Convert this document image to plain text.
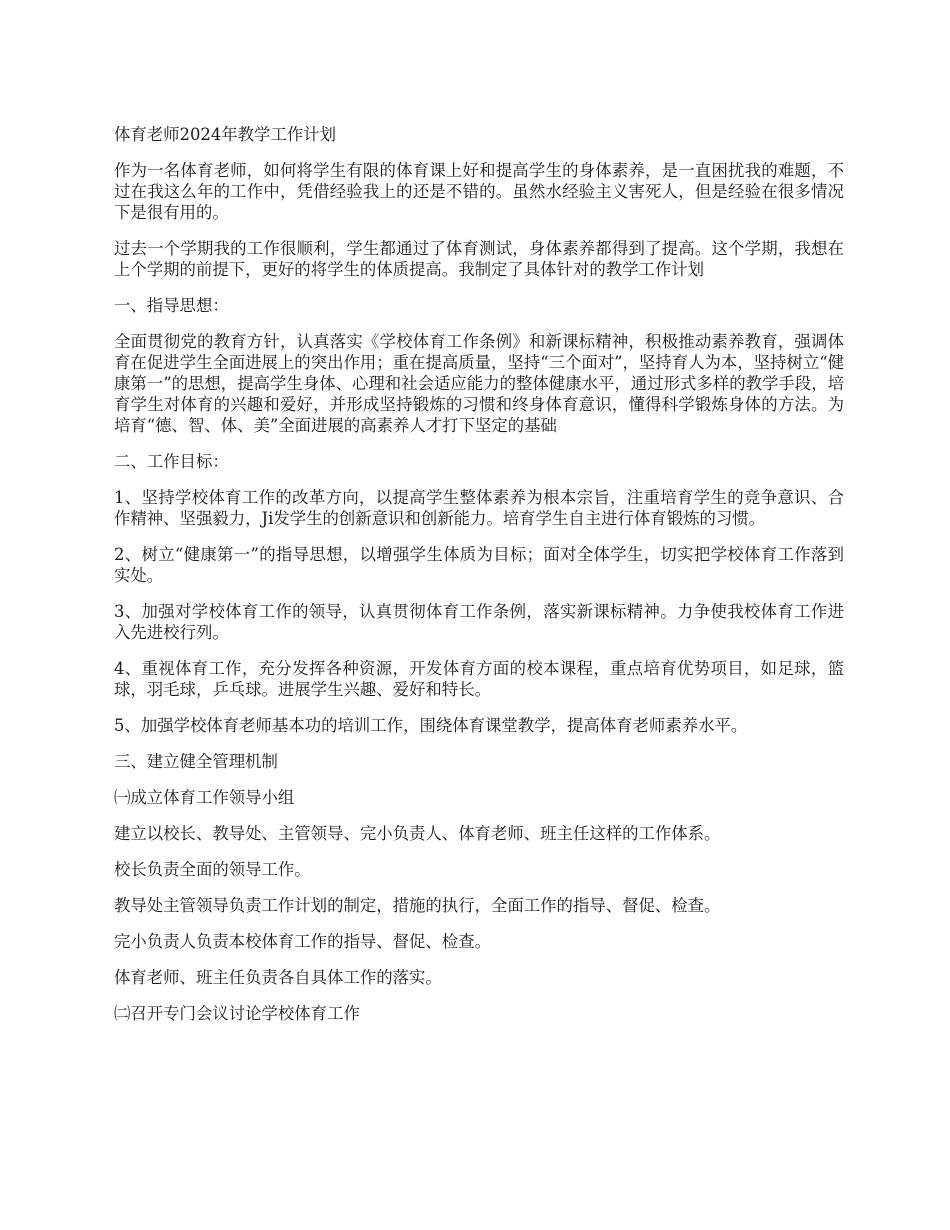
体育老师2024年教学工作计划

作为一名体育老师，如何将学生有限的体育课上好和提高学生的身体素养，是一直困扰我的难题，不过在我这么年的工作中，凭借经验我上的还是不错的。虽然水经验主义害死人，但是经验在很多情况下是很有用的。

过去一个学期我的工作很顺利，学生都通过了体育测试，身体素养都得到了提高。这个学期，我想在上个学期的前提下，更好的将学生的体质提高。我制定了具体针对的教学工作计划

一、指导思想：

全面贯彻党的教育方针，认真落实《学校体育工作条例》和新课标精神，积极推动素养教育，强调体育在促进学生全面进展上的突出作用；重在提高质量，坚持“三个面对”，坚持育人为本，坚持树立“健康第一”的思想，提高学生身体、心理和社会适应能力的整体健康水平，通过形式多样的教学手段，培育学生对体育的兴趣和爱好，并形成坚持锻炼的习惯和终身体育意识，懂得科学锻炼身体的方法。为培育“德、智、体、美”全面进展的高素养人才打下坚定的基础

二、工作目标：

1、坚持学校体育工作的改革方向，以提高学生整体素养为根本宗旨，注重培育学生的竞争意识、合作精神、坚强毅力，Ji发学生的创新意识和创新能力。培育学生自主进行体育锻炼的习惯。

2、树立“健康第一”的指导思想，以增强学生体质为目标；面对全体学生，切实把学校体育工作落到实处。

3、加强对学校体育工作的领导，认真贯彻体育工作条例，落实新课标精神。力争使我校体育工作进入先进校行列。

4、重视体育工作，充分发挥各种资源，开发体育方面的校本课程，重点培育优势项目，如足球，篮球，羽毛球，乒乓球。进展学生兴趣、爱好和特长。

5、加强学校体育老师基本功的培训工作，围绕体育课堂教学，提高体育老师素养水平。

三、建立健全管理机制

㈠成立体育工作领导小组

建立以校长、教导处、主管领导、完小负责人、体育老师、班主任这样的工作体系。

校长负责全面的领导工作。

教导处主管领导负责工作计划的制定，措施的执行，全面工作的指导、督促、检查。

完小负责人负责本校体育工作的指导、督促、检查。

体育老师、班主任负责各自具体工作的落实。

㈡召开专门会议讨论学校体育工作
